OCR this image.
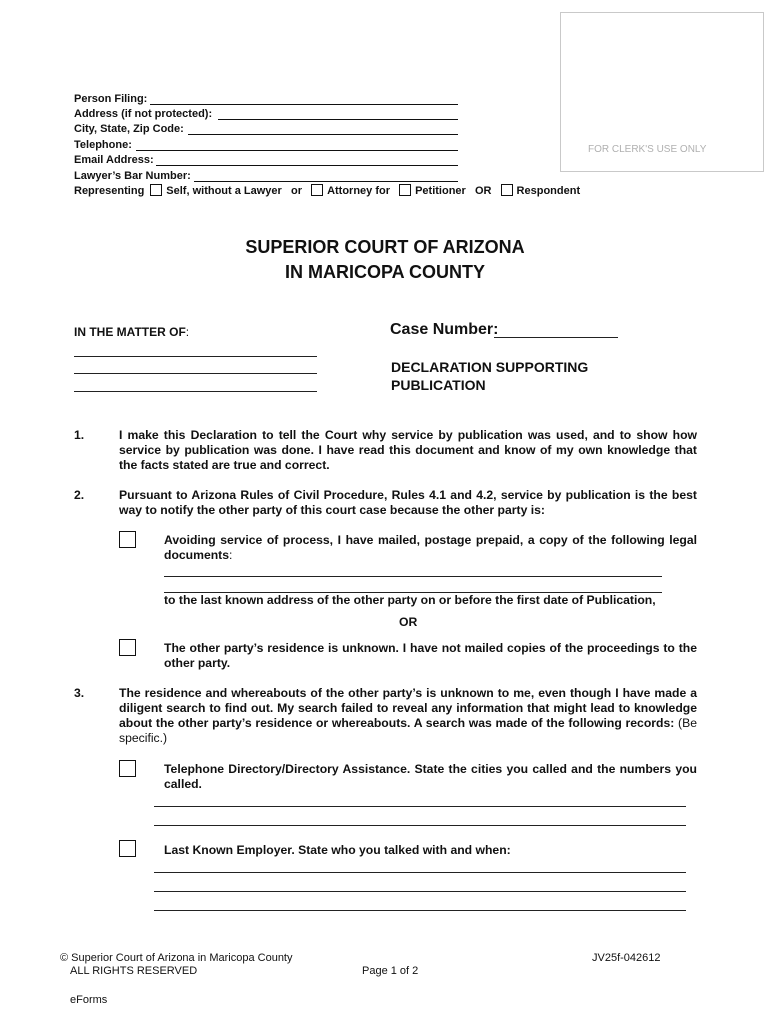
FOR CLERK'S USE ONLY
Person Filing:
Address (if not protected):
City, State, Zip Code:
Telephone:
Email Address:
Lawyer’s Bar Number:
Representing Self, without a Lawyer or Attorney for Petitioner OR Respondent
SUPERIOR COURT OF ARIZONA
IN MARICOPA COUNTY
IN THE MATTER OF:	Case Number:
DECLARATION SUPPORTING
PUBLICATION
1.	I make this Declaration to tell the Court why service by publication was used, and to show how service by publication was done. I have read this document and know of my own knowledge that the facts stated are true and correct.
2.	Pursuant to Arizona Rules of Civil Procedure, Rules 4.1 and 4.2, service by publication is the best way to notify the other party of this court case because the other party is:
Avoiding service of process, I have mailed, postage prepaid, a copy of the following legal documents:
to the last known address of the other party on or before the first date of Publication,
OR
The other party’s residence is unknown. I have not mailed copies of the proceedings to the other party.
3.	The residence and whereabouts of the other party’s is unknown to me, even though I have made a diligent search to find out. My search failed to reveal any information that might lead to knowledge about the other party’s residence or whereabouts. A search was made of the following records: (Be specific.)
Telephone Directory/Directory Assistance. State the cities you called and the numbers you called.
Last Known Employer. State who you talked with and when:
© Superior Court of Arizona in Maricopa County
ALL RIGHTS RESERVED
JV25f-042612
Page 1 of 2
eForms
